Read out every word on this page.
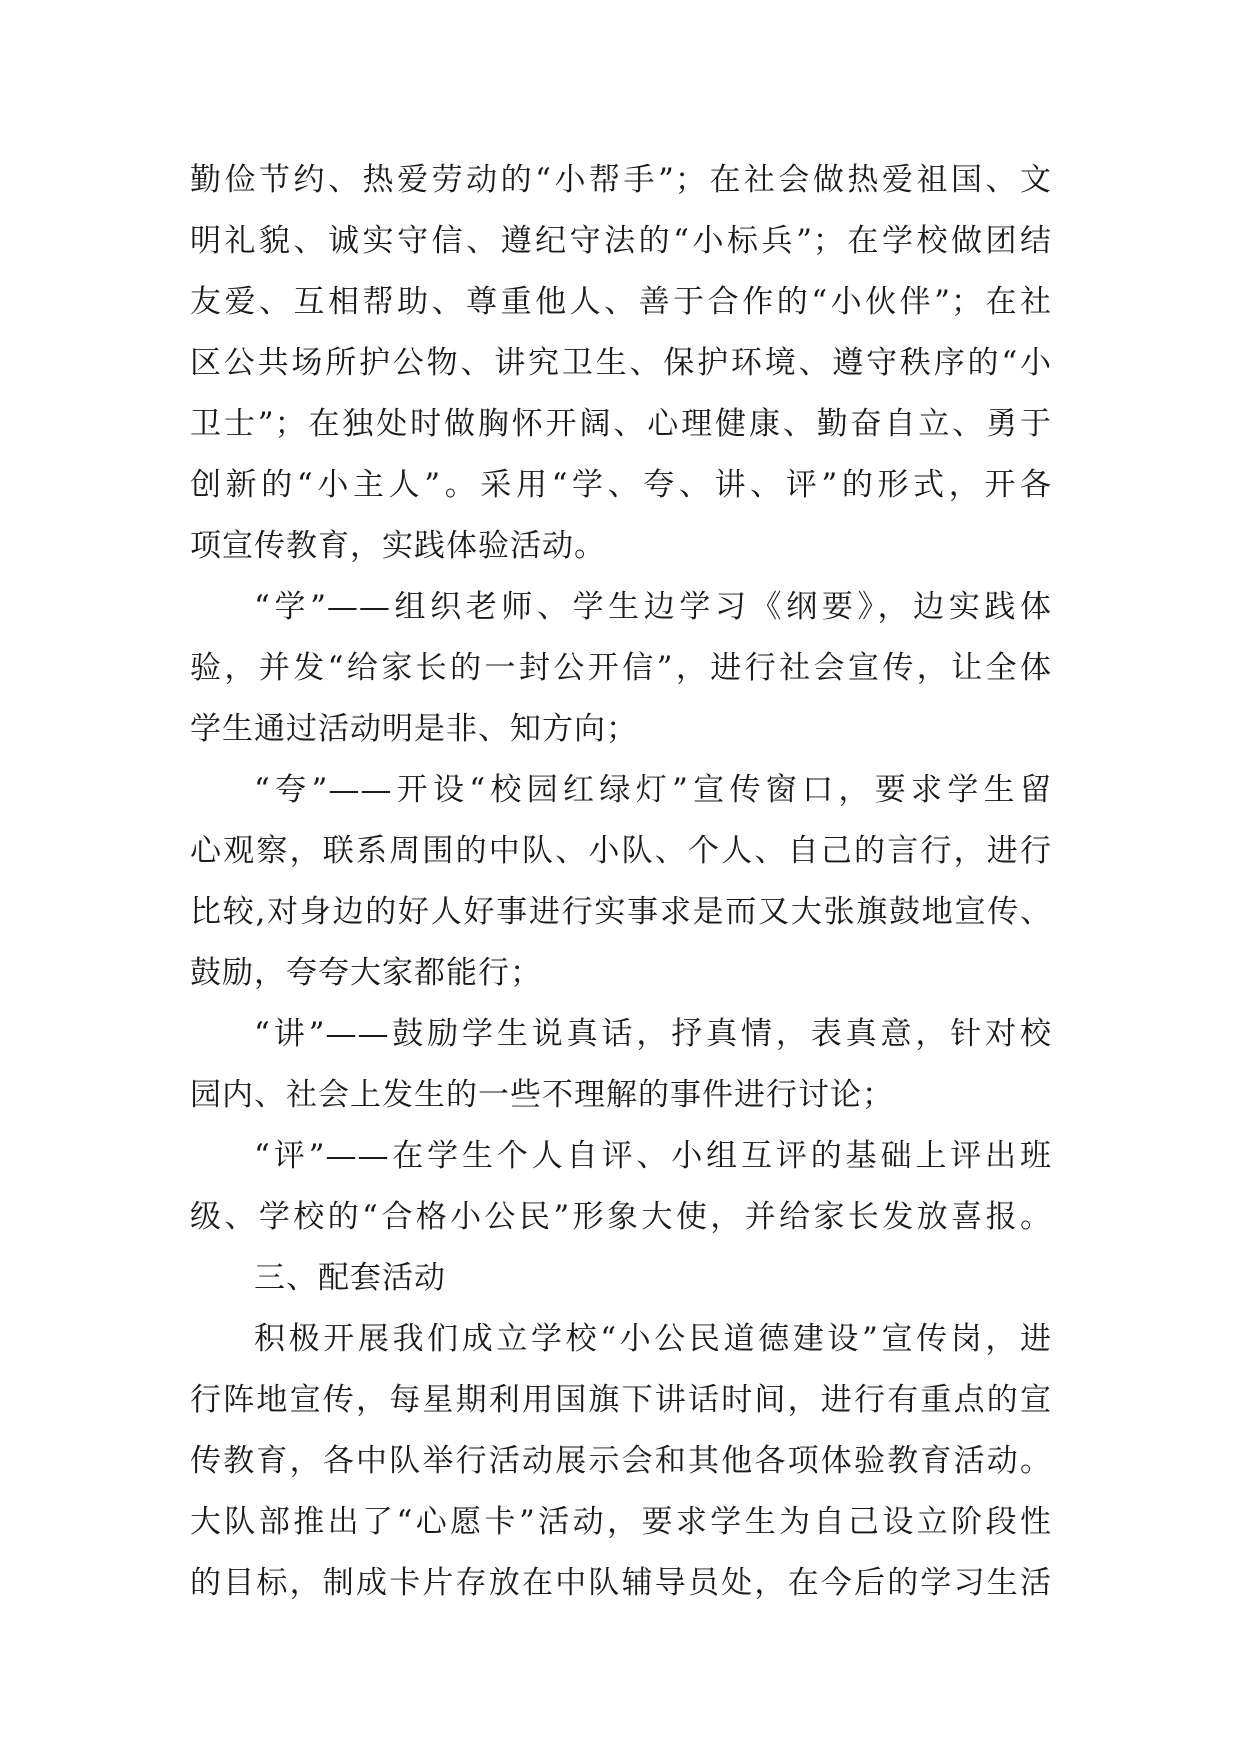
勤俭节约、热爱劳动的“小帮手”；在社会做热爱祖国、文
明礼貌、诚实守信、遵纪守法的“小标兵”；在学校做团结
友爱、互相帮助、尊重他人、善于合作的“小伙伴”；在社
区公共场所护公物、讲究卫生、保护环境、遵守秩序的“小
卫士”；在独处时做胸怀开阔、心理健康、勤奋自立、勇于
创新的“小主人”。采用“学、夸、讲、评”的形式，开各
项宣传教育，实践体验活动。
“学”——组织老师、学生边学习《纲要》，边实践体
验，并发“给家长的一封公开信”，进行社会宣传，让全体
学生通过活动明是非、知方向；
“夸”——开设“校园红绿灯”宣传窗口，要求学生留
心观察，联系周围的中队、小队、个人、自己的言行，进行
比较,对身边的好人好事进行实事求是而又大张旗鼓地宣传、
鼓励，夸夸大家都能行；
“讲”——鼓励学生说真话，抒真情，表真意，针对校
园内、社会上发生的一些不理解的事件进行讨论；
“评”——在学生个人自评、小组互评的基础上评出班
级、学校的“合格小公民”形象大使，并给家长发放喜报。
三、配套活动
积极开展我们成立学校“小公民道德建设”宣传岗，进
行阵地宣传，每星期利用国旗下讲话时间，进行有重点的宣
传教育，各中队举行活动展示会和其他各项体验教育活动。
大队部推出了“心愿卡”活动，要求学生为自己设立阶段性
的目标，制成卡片存放在中队辅导员处，在今后的学习生活
